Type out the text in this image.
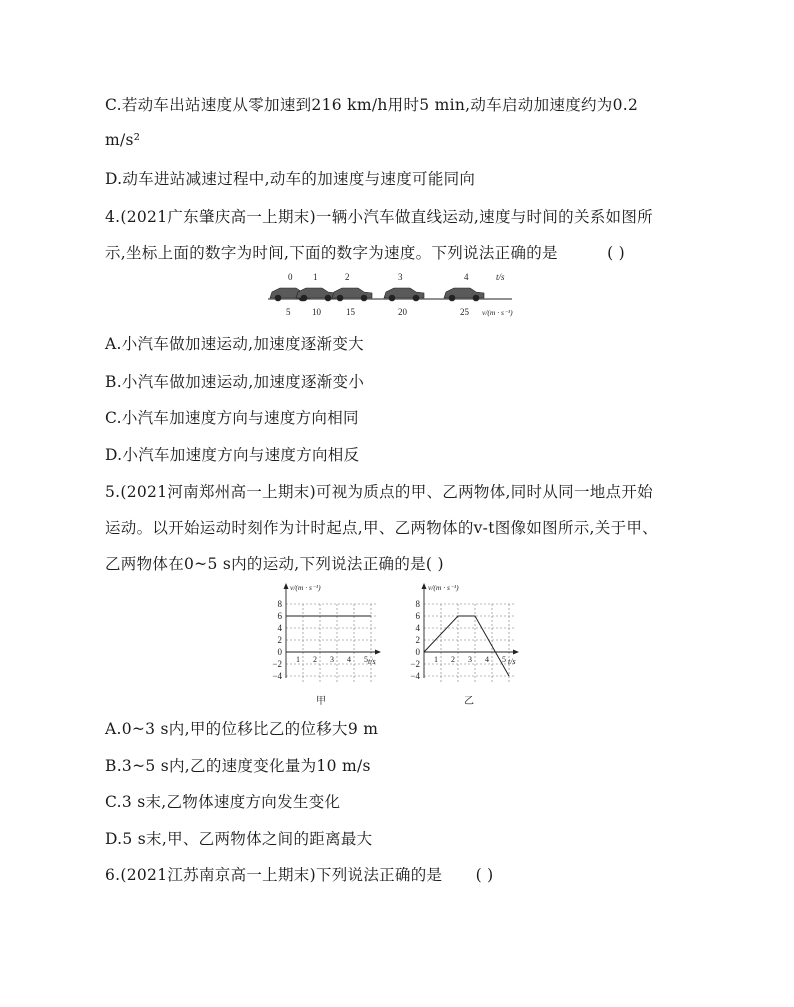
C.若动车出站速度从零加速到216 km/h用时5 min,动车启动加速度约为0.2
m/s²
D.动车进站减速过程中,动车的加速度与速度可能同向
4.(2021广东肇庆高一上期末)一辆小汽车做直线运动,速度与时间的关系如图所
示,坐标上面的数字为时间,下面的数字为速度。下列说法正确的是	( )
0 1	2	3	4	t/s
5 10	15	20	25 v/(m · s⁻¹)
A.小汽车做加速运动,加速度逐渐变大
B.小汽车做加速运动,加速度逐渐变小
C.小汽车加速度方向与速度方向相同
D.小汽车加速度方向与速度方向相反
5.(2021河南郑州高一上期末)可视为质点的甲、乙两物体,同时从同一地点开始
运动。以开始运动时刻作为计时起点,甲、乙两物体的v-t图像如图所示,关于甲、
乙两物体在0~5 s内的运动,下列说法正确的是( )
v/(m · s⁻¹)
t/s
8
6
4
2
0
−2
−4
1 2 3 4 5
甲
v/(m · s⁻¹)
t/s
8
6
4
2
0
−2
−4
1 2 3 4 5
乙
A.0~3 s内,甲的位移比乙的位移大9 m
B.3~5 s内,乙的速度变化量为10 m/s
C.3 s末,乙物体速度方向发生变化
D.5 s末,甲、乙两物体之间的距离最大
6.(2021江苏南京高一上期末)下列说法正确的是 ( )
